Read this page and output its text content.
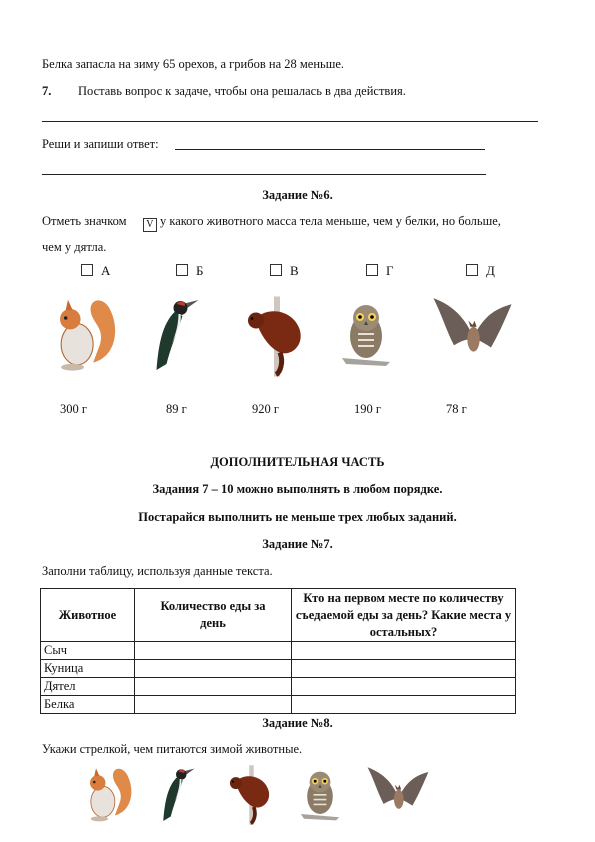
Белка запасла на зиму 65 орехов, а грибов на 28 меньше.
7. Поставь вопрос к задаче, чтобы она решалась в два действия.
Реши и запиши ответ:
Задание №6.
Отметь значком V у какого животного масса тела меньше, чем у белки, но больше,
чем у дятла.
А	Б	В	Г	Д
300 г	89 г	920 г	190 г	78 г
ДОПОЛНИТЕЛЬНАЯ ЧАСТЬ
Задания 7 – 10 можно выполнять в любом порядке.
Постарайся выполнить не меньше трех любых заданий.
Задание №7.
Заполни таблицу, используя данные текста.
Животное	Количество еды за день	Кто на первом месте по количеству съедаемой еды за день? Какие места у остальных?
Сыч		
Куница		
Дятел		
Белка		
Задание №8.
Укажи стрелкой, чем питаются зимой животные.
